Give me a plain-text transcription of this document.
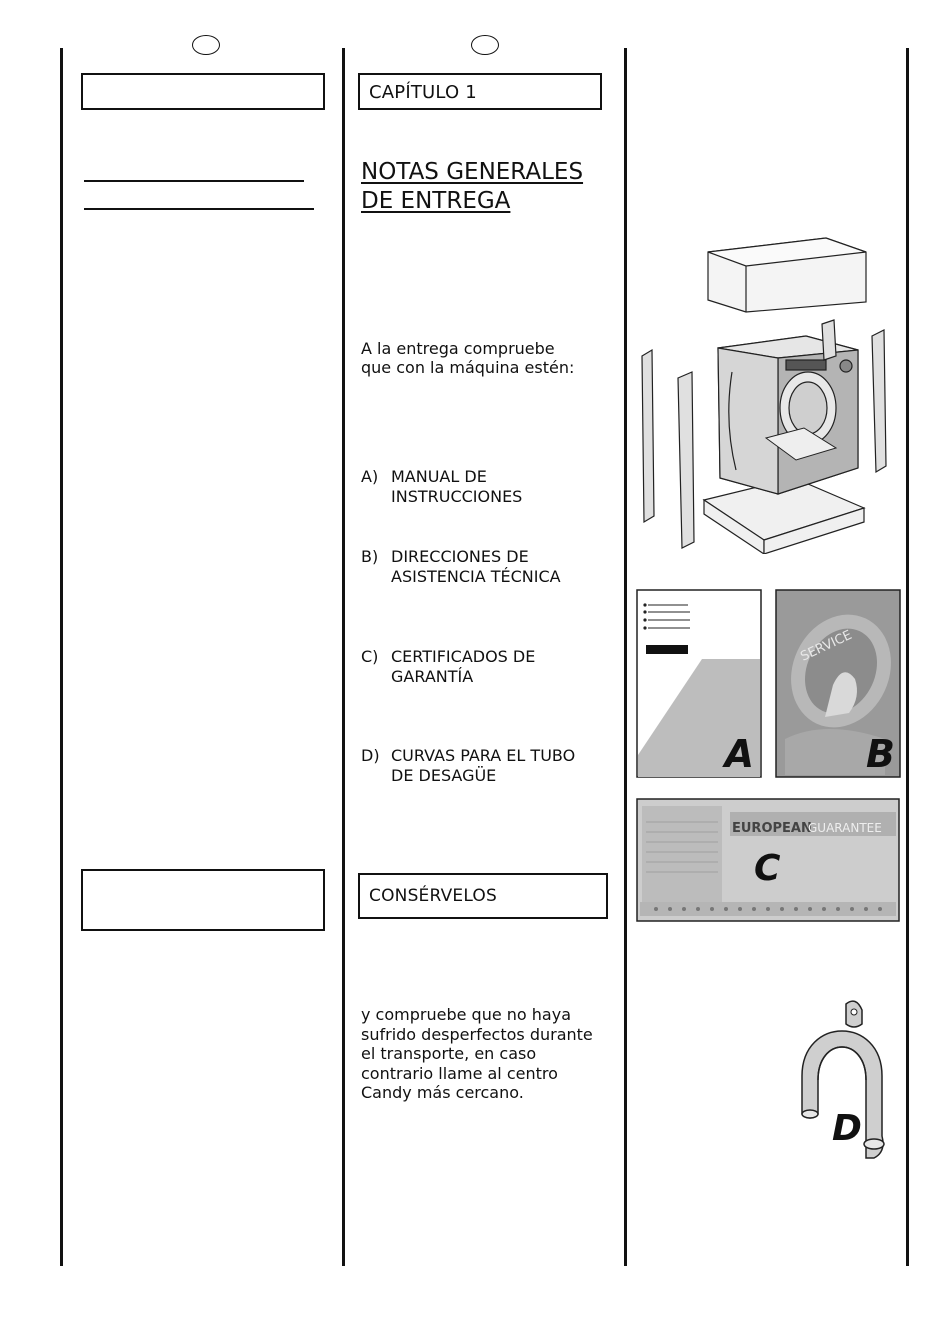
CAPÍTULO 1
NOTAS GENERALES
DE ENTREGA
A la entrega compruebe
que con la máquina estén:
A) MANUAL DE
INSTRUCCIONES
B) DIRECCIONES DE
ASISTENCIA TÉCNICA
C) CERTIFICADOS DE
GARANTÍA
D) CURVAS PARA EL TUBO
DE DESAGÜE
CONSÉRVELOS
y compruebe que no haya
sufrido desperfectos durante
el transporte, en caso
contrario llame al centro
Candy más cercano.
A
SERVICE
B
EUROPEAN
GUARANTEE
C
D
